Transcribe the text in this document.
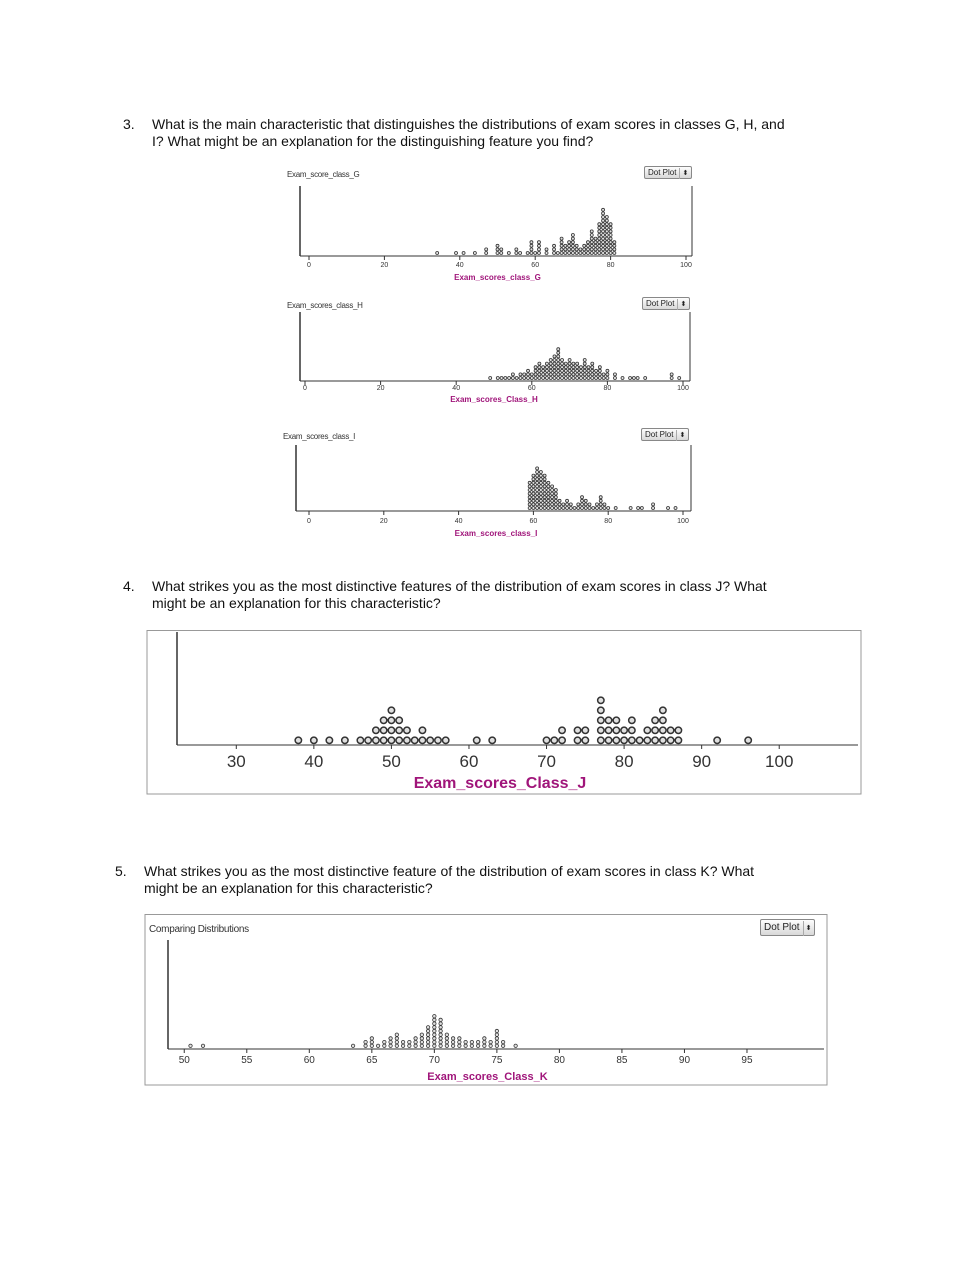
3. What is the main characteristic that distinguishes the distributions of exam scores in classes G, H, and
I? What might be an explanation for the distinguishing feature you find?
Exam_score_class_G	Dot Plot ⬍
0	20	40	60	80	100
Exam_scores_class_G
Exam_scores_class_H	Dot Plot ⬍
0	20	40	60	80	100
Exam_scores_Class_H
Exam_scores_class_I	Dot Plot ⬍
0	20	40	60	80	100
Exam_scores_class_I
4. What strikes you as the most distinctive features of the distribution of exam scores in class J? What
might be an explanation for this characteristic?
30	40	50	60	70	80	90	100
Exam_scores_Class_J
5. What strikes you as the most distinctive feature of the distribution of exam scores in class K? What
might be an explanation for this characteristic?
Comparing Distributions	Dot Plot ⬍
50	55	60	65	70	75	80	85	90	95
Exam_scores_Class_K
